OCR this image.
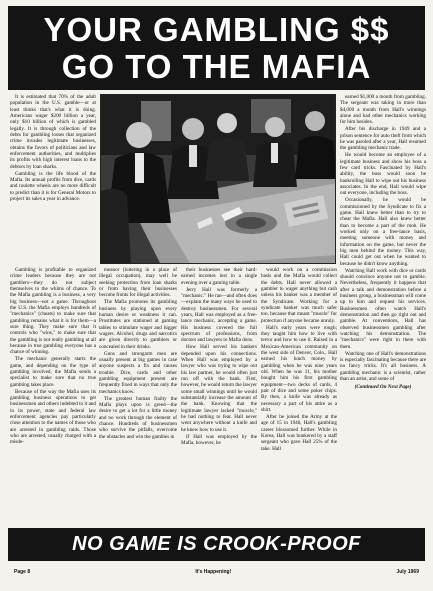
YOUR GAMBLING $$
GO TO THE MAFIA

It is estimated that 70% of the adult population in the U.S. gamble—or at least thinks that's what it is doing. Americans wager $200 billion a year, only $10 billion of which is gambled legally. It is through collection of the debts for gambling losses that organized crime invades legitimate businesses, obtains the favors of politicians and law enforcement authorities, and multiplies its profits with high interest loans to the debtors by loan sharks.

Gambling is the life blood of the Mafia. Its annual profits from dice, cards and roulette wheels are no more difficult to predict than it is for General Motors to project its sales a year in advance.

Gambling is profitable to organized crime leaders because they are not gamblers—they do not subject themselves to the whims of chance. To the Mafia gambling is a business, a very big business—not a game. Throughout the U.S. the Mafia employs hundreds of "mechanics" (cheats) to make sure that gambling remains what it is for them—a sure thing. They make sure that it controls who "wins," to make sure that the gambling is not really gambling at all because in true gambling everyone has a chance of winning.

The mechanic generally starts the game, and depending on the type of gambling involved, the Mafia sends a specialist to make sure that no true gambling takes place.

Because of the way the Mafia uses its gambling business operations to get businessmen and others indebted to it and in its power, state and federal law enforcement agencies pay particularly close attention to the names of those who are arrested in gambling raids. Those who are arrested, usually charged with a misde-

meanor (loitering in a place of illegal occupation), may well be seeking protection from loan sharks or from having their businesses become fronts for illegal activities.

The Mafia promotes its gambling business by playing upon every human desire or weakness it can. Prostitutes are stationed at gaming tables to stimulate wager and bigger wagers. Alcohol, drugs and narcotics are given directly to gamblers or concealed in their drinks.

Guns and strongarm men are usually present at big games in case anyone suspects a fix and causes trouble. Dice, cards and other gambling equipment present are frequently fixed in ways that only the mechanics know.

The greatest human frailty the Mafia plays upon is greed—the desire to get a lot for a little money and no work through the element of chance. Hundreds of businessmen who survive the pitfalls, overcome the obstacles and win the gambles in

their businesses see their hard-earned incomes lost in a single evening over a gaming table.

Jerry Hall was formerly a "mechanic." He ran—and often does—explain the many ways he used to destroy businessmen. For several years, Hall was employed as a free-lance mechanic, accepting a game. His business covered the full spectrum of professions, from doctors and lawyers to Mafia dons.

How Hall served his bankers depended upon his connections. When Hall was employed by a lawyer who was trying to wipe out his law partner, he would often just run off with the bank. First, however, he would return the lawyer some small winnings until he would substantially increase the amount of the bank. Knowing that the legitimate lawyer lacked "muscle," he had nothing to fear. Hall never went anywhere without a knife and he knew how to use it.

If Hall was employed by the Mafia, however, he

would work on a commission basis and the Mafia would collect the debts. Hall never allowed a gambler to wager anything but cash unless his banker was a member of the Syndicate. Working for a syndicate banker was much safer too, because that meant "muscle" for protection if anyone became unruly.

Hall's early years were rough; they taught him how to live with terror and how to use it. Raised in a Mexican-American community on the west side of Denver, Colo., Hall earned his lunch money by gambling when he was nine years old. When he was 11, his mother bought him his first gambling equipment—two decks of cards, 4 pair of dice and some poker chips. By then, a knife was already as necessary a part of his attire as a shirt.

After he joined the Army at the age of 15 in 1946, Hall's gambling career blossomed further. While in Korea, Hall was bunkered by a staff sergeant who gave Hall 25% of the take. Hall

earned $1,000 a month from gambling. The sergeant was taking in more than $4,000 a month from Hall's winnings alone and had other mechanics working for him besides.

After his discharge in 1949 and a prison sentence for auto theft from which he was paroled after a year, Hall resumed the gambling mechanic trade.

He would become an employee of a legitimate business and show his boss a few card tricks. Fascinated by Hall's ability, the boss would soon be bankrolling Hall to wipe out his business associates. In the end, Hall would wipe out everyone, including the boss.

Occasionally, he would be commissioned by the Syndicate to fix a game. Hall knew better than to try to cheat the Mafia. Hall also knew better than to become a part of the mob. He worked only on a free-lance basis, meeting someone with money and information on the game, but never the big men behind the money. This way, Hall could get out when he wanted to because he didn't know anything.

Watching Hall work with dice or cards should convince anyone not to gamble. Nevertheless, frequently it happens that after a talk and demonstration before a business group, a businessman will come up to him and request his services. Businessmen often watch Hall's demonstration and then go right out and gamble. At conventions, Hall has observed businessmen gambling after watching his demonstration. The "mechanics" were right in there with them.

Watching one of Hall's demonstrations is especially fascinating because there are no fancy tricks. It's all business. A gambling mechanic is a scientist, rather than an artist, and some of

(Continued On Next Page)

NO GAME IS CROOK-PROOF
Page 8	It's Happening!	July 1969
